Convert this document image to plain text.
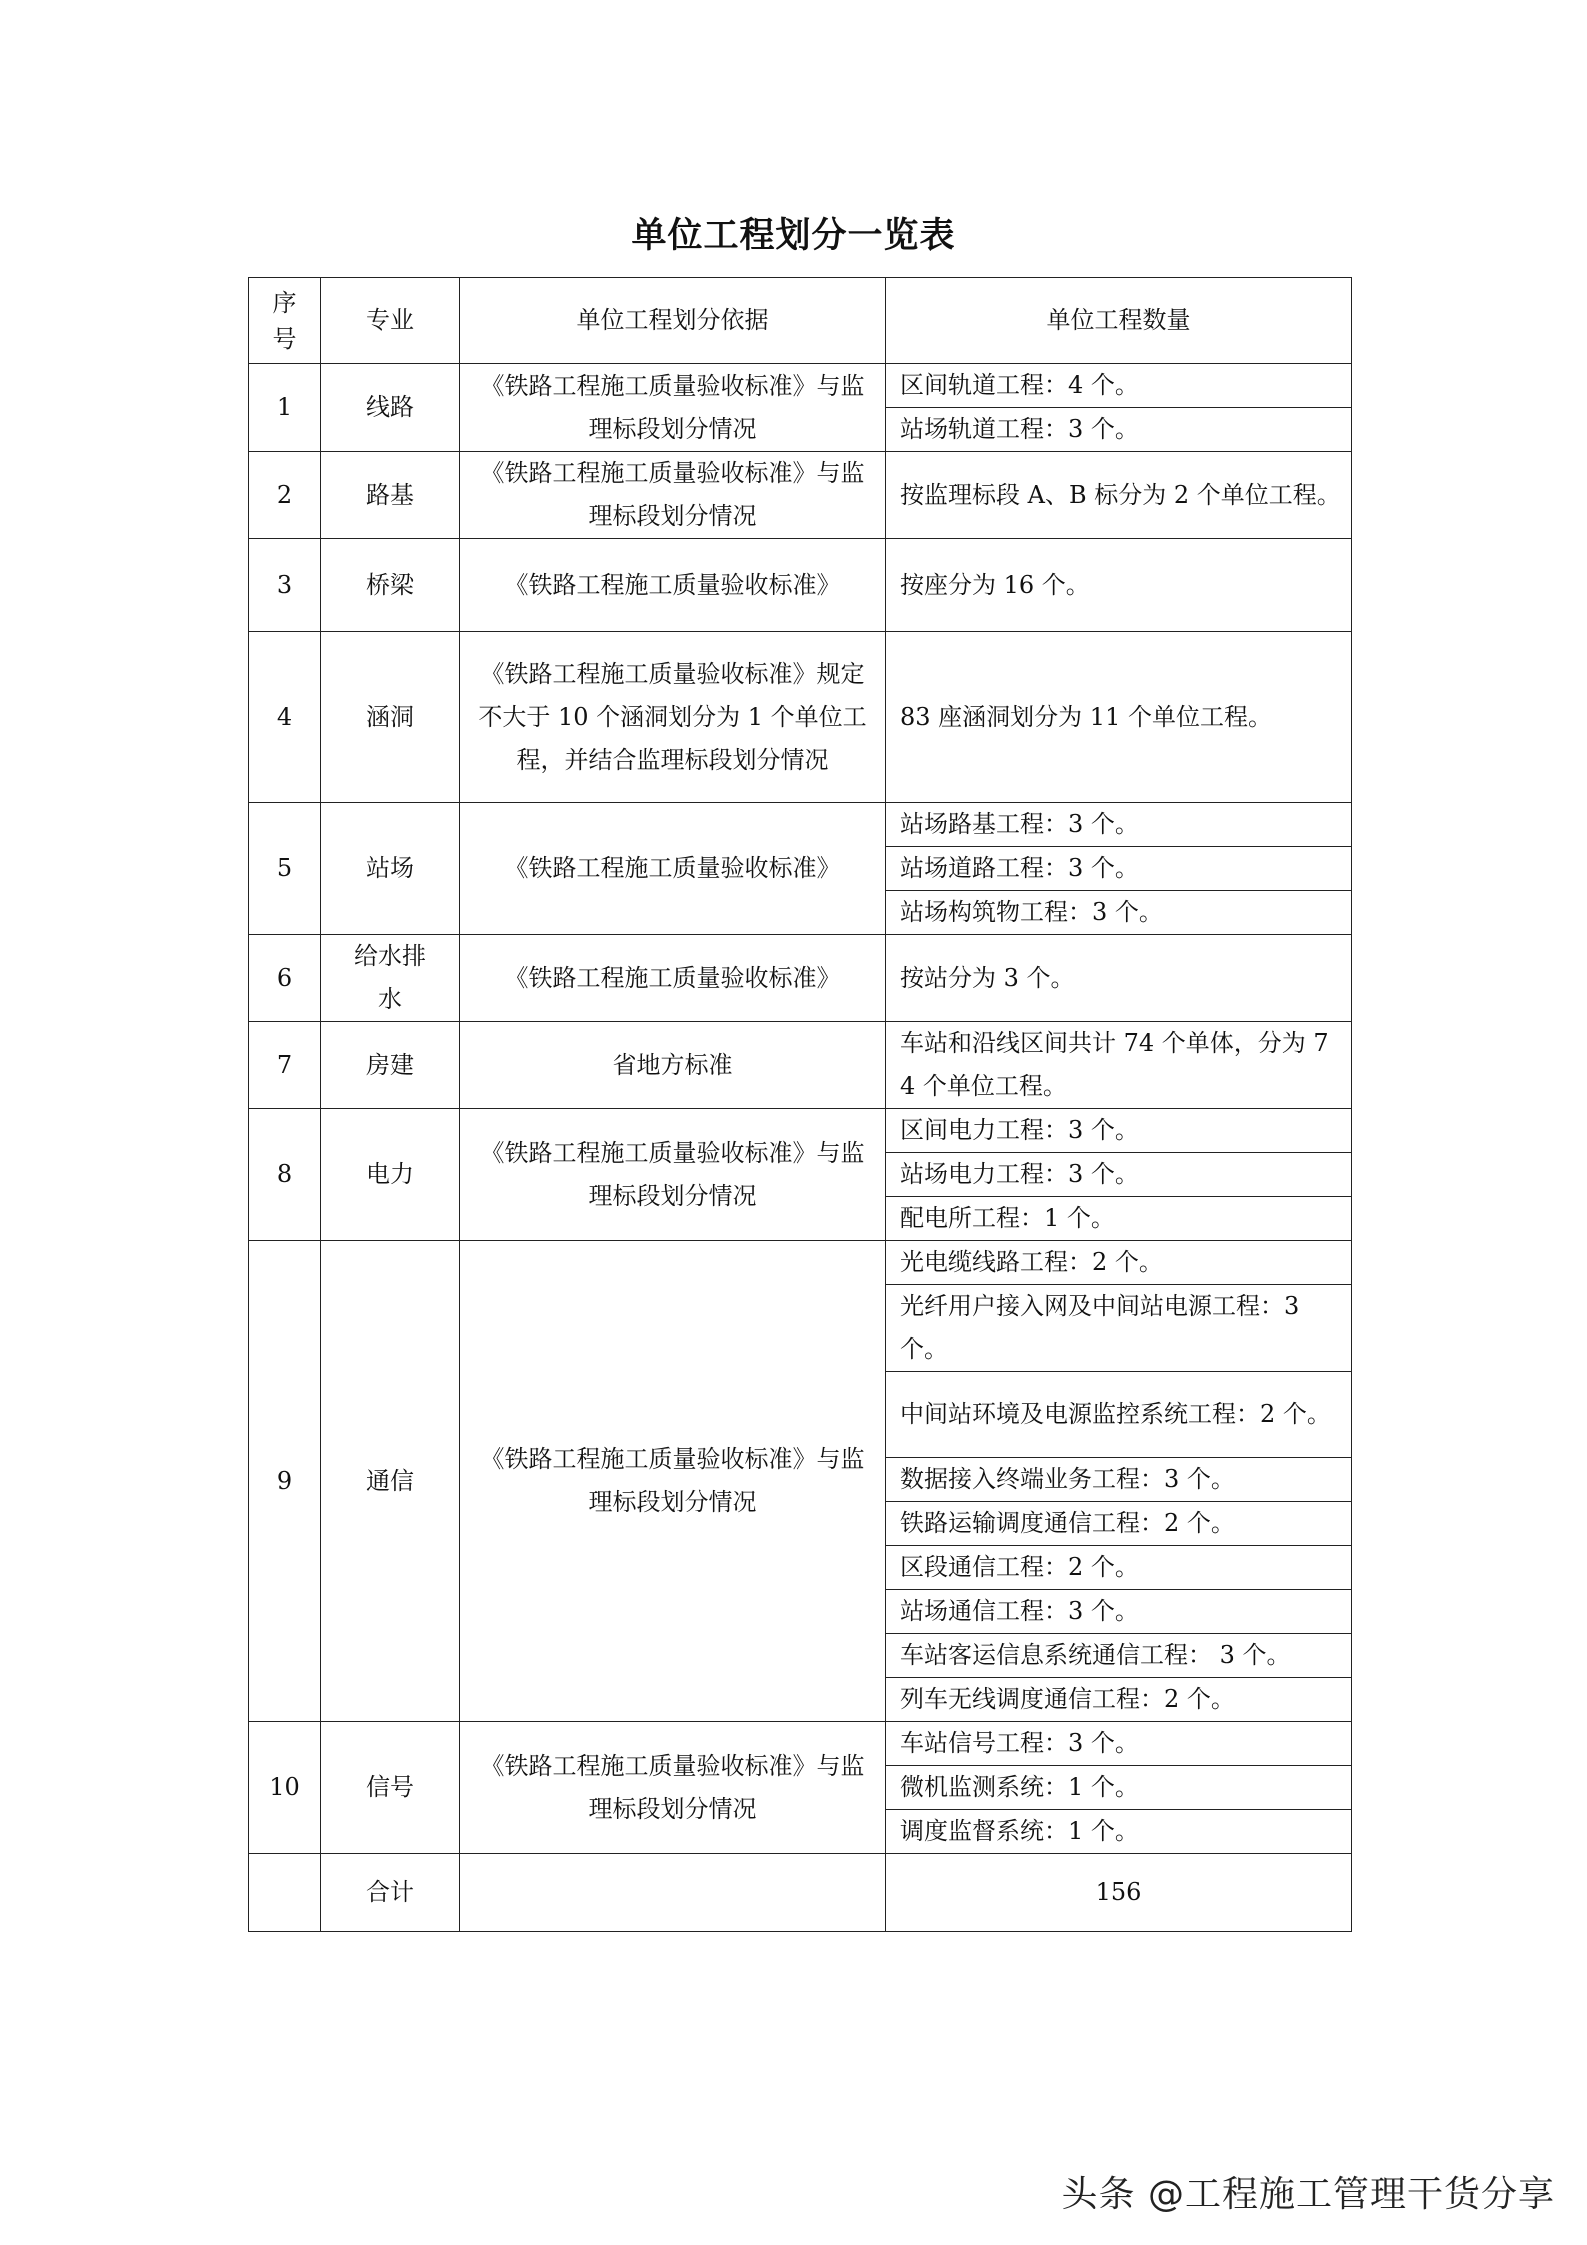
单位工程划分一览表
序号	专业	单位工程划分依据	单位工程数量
1	线路	《铁路工程施工质量验收标准》与监理标段划分情况	区间轨道工程：4 个。
			站场轨道工程：3 个。
2	路基	《铁路工程施工质量验收标准》与监理标段划分情况	按监理标段 A、B 标分为 2 个单位工程。
3	桥梁	《铁路工程施工质量验收标准》	按座分为 16 个。
4	涵洞	《铁路工程施工质量验收标准》规定不大于 10 个涵洞划分为 1 个单位工程，并结合监理标段划分情况	83 座涵洞划分为 11 个单位工程。
5	站场	《铁路工程施工质量验收标准》	站场路基工程：3 个。
			站场道路工程：3 个。
			站场构筑物工程：3 个。
6	给水排水	《铁路工程施工质量验收标准》	按站分为 3 个。
7	房建	省地方标准	车站和沿线区间共计 74 个单体，分为 74 个单位工程。
8	电力	《铁路工程施工质量验收标准》与监理标段划分情况	区间电力工程：3 个。
			站场电力工程：3 个。
			配电所工程：1 个。
9	通信	《铁路工程施工质量验收标准》与监理标段划分情况	光电缆线路工程：2 个。
			光纤用户接入网及中间站电源工程：3 个。
			中间站环境及电源监控系统工程：2 个。
			数据接入终端业务工程：3 个。
			铁路运输调度通信工程：2 个。
			区段通信工程：2 个。
			站场通信工程：3 个。
			车站客运信息系统通信工程： 3 个。
			列车无线调度通信工程：2 个。
10	信号	《铁路工程施工质量验收标准》与监理标段划分情况	车站信号工程：3 个。
			微机监测系统：1 个。
			调度监督系统：1 个。
	合计		156
头条 @工程施工管理干货分享
